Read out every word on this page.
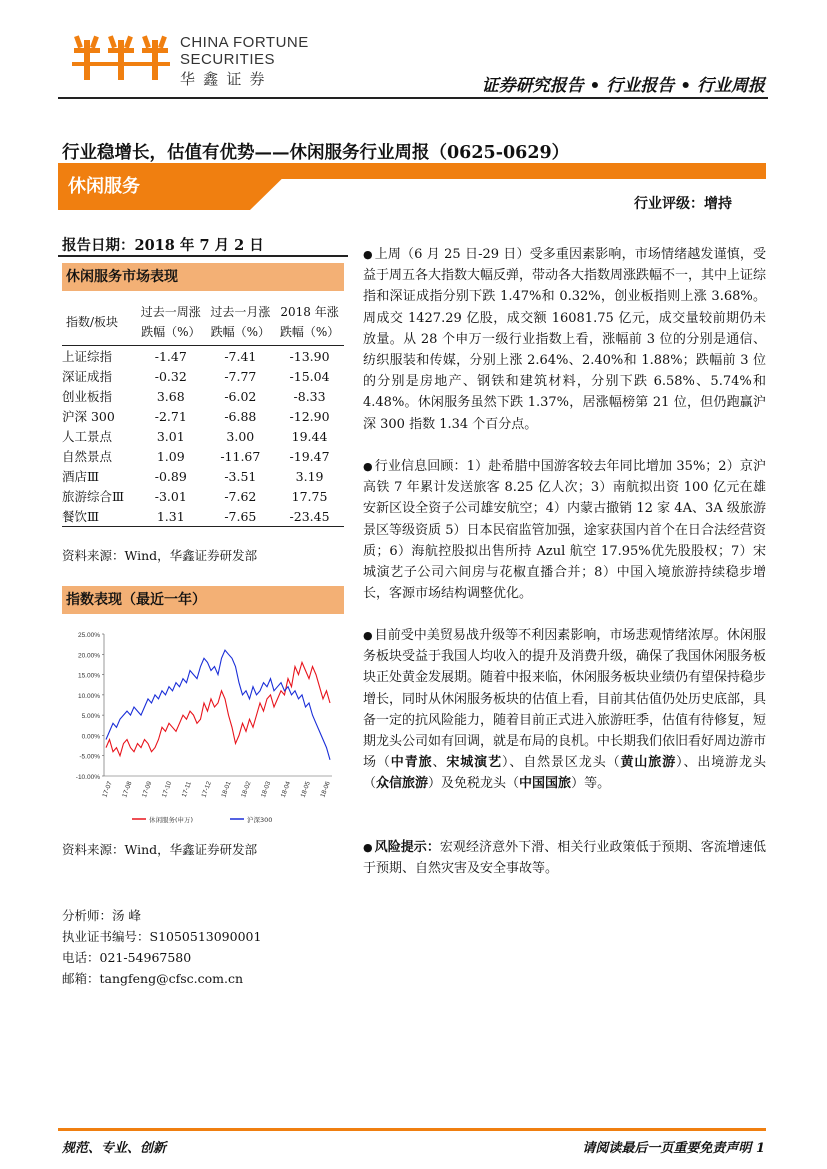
CHINA FORTUNE
SECURITIES
华 鑫 证 券	证券研究报告 • 行业报告 • 行业周报
行业稳增长，估值有优势——休闲服务行业周报（0625-0629）
休闲服务
行业评级：增持
报告日期：2018 年 7 月 2 日
休闲服务市场表现
指数/板块	过去一周涨	过去一月涨	2018 年涨
	跌幅（%）	跌幅（%）	跌幅（%）

上证综指	-1.47	-7.41	-13.90
深证成指	-0.32	-7.77	-15.04
创业板指	3.68	-6.02	-8.33
沪深 300	-2.71	-6.88	-12.90
人工景点	3.01	3.00	19.44
自然景点	1.09	-11.67	-19.47
酒店Ⅲ	-0.89	-3.51	3.19
旅游综合Ⅲ	-3.01	-7.62	17.75
餐饮Ⅲ	1.31	-7.65	-23.45
资料来源：Wind，华鑫证券研发部
指数表现（最近一年）
25.00%
20.00%
15.00%
10.00%
5.00%
0.00%
-5.00%
-10.00%
17-07 17-08 17-09 17-10 17-11 17-12 18-01 18-02 18-03 18-04 18-05 18-06
休闲服务(申万)	沪深300
资料来源：Wind，华鑫证券研发部
分析师：汤 峰
执业证书编号：S1050513090001
电话：021-54967580
邮箱：tangfeng@cfsc.com.cn
● 上周（6 月 25 日-29 日）受多重因素影响，市场情绪越发谨慎，受益于周五各大指数大幅反弹，带动各大指数周涨跌幅不一，其中上证综指和深证成指分别下跌 1.47%和 0.32%，创业板指则上涨 3.68%。周成交 1427.29 亿股，成交额 16081.75 亿元，成交量较前期仍未放量。从 28 个申万一级行业指数上看，涨幅前 3 位的分别是通信、纺织服装和传媒，分别上涨 2.64%、2.40%和 1.88%；跌幅前 3 位的分别是房地产、钢铁和建筑材料，分别下跌 6.58%、5.74%和 4.48%。休闲服务虽然下跌 1.37%，居涨幅榜第 21 位，但仍跑赢沪深 300 指数 1.34 个百分点。
● 行业信息回顾：1）赴希腊中国游客较去年同比增加 35%；2）京沪高铁 7 年累计发送旅客 8.25 亿人次；3）南航拟出资 100 亿元在雄安新区设全资子公司雄安航空；4）内蒙古撤销 12 家 4A、3A 级旅游景区等级资质 5）日本民宿监管加强，途家获国内首个在日合法经营资质；6）海航控股拟出售所持 Azul 航空 17.95%优先股股权；7）宋城演艺子公司六间房与花椒直播合并；8）中国入境旅游持续稳步增长，客源市场结构调整优化。
● 目前受中美贸易战升级等不利因素影响，市场悲观情绪浓厚。休闲服务板块受益于我国人均收入的提升及消费升级，确保了我国休闲服务板块正处黄金发展期。随着中报来临，休闲服务板块业绩仍有望保持稳步增长，同时从休闲服务板块的估值上看，目前其估值仍处历史底部，具备一定的抗风险能力，随着目前正式进入旅游旺季，估值有待修复，短期龙头公司如有回调，就是布局的良机。中长期我们依旧看好周边游市场（中青旅、宋城演艺）、自然景区龙头（黄山旅游）、出境游龙头（众信旅游）及免税龙头（中国国旅）等。
● 风险提示：宏观经济意外下滑、相关行业政策低于预期、客流增速低于预期、自然灾害及安全事故等。
规范、专业、创新	请阅读最后一页重要免责声明 1
